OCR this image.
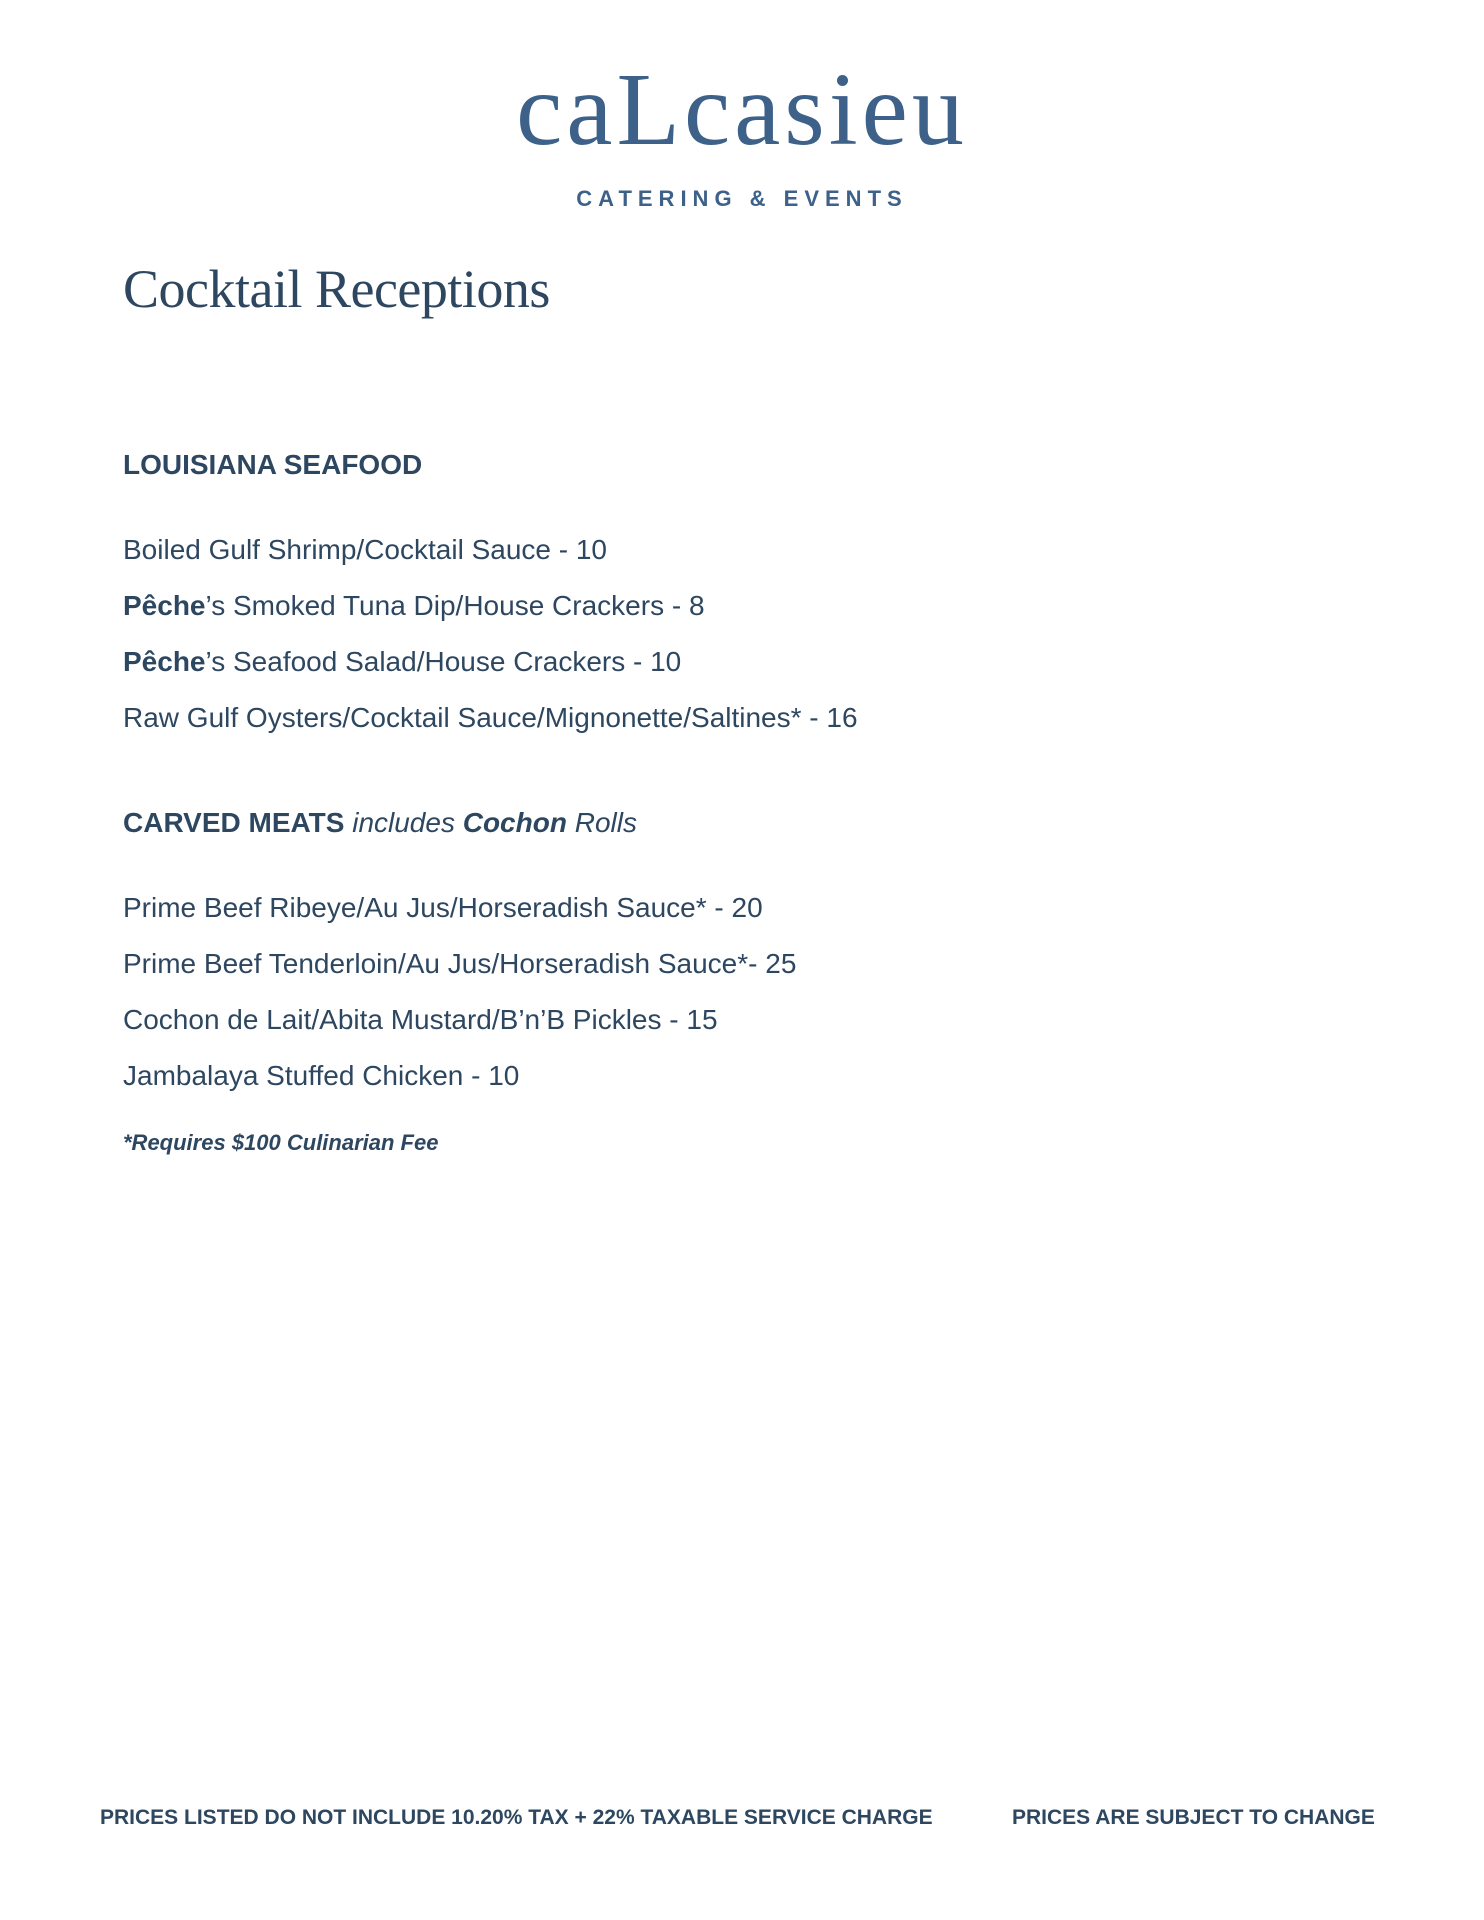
caLcasieu
CATERING & EVENTS
Cocktail Receptions
LOUISIANA SEAFOOD
Boiled Gulf Shrimp/Cocktail Sauce - 10
Pêche’s Smoked Tuna Dip/House Crackers - 8
Pêche’s Seafood Salad/House Crackers - 10
Raw Gulf Oysters/Cocktail Sauce/Mignonette/Saltines* - 16
CARVED MEATS includes Cochon Rolls
Prime Beef Ribeye/Au Jus/Horseradish Sauce* - 20
Prime Beef Tenderloin/Au Jus/Horseradish Sauce*- 25
Cochon de Lait/Abita Mustard/B’n’B Pickles - 15
Jambalaya Stuffed Chicken - 10
*Requires $100 Culinarian Fee
PRICES LISTED DO NOT INCLUDE 10.20% TAX + 22% TAXABLE SERVICE CHARGE	PRICES ARE SUBJECT TO CHANGE
